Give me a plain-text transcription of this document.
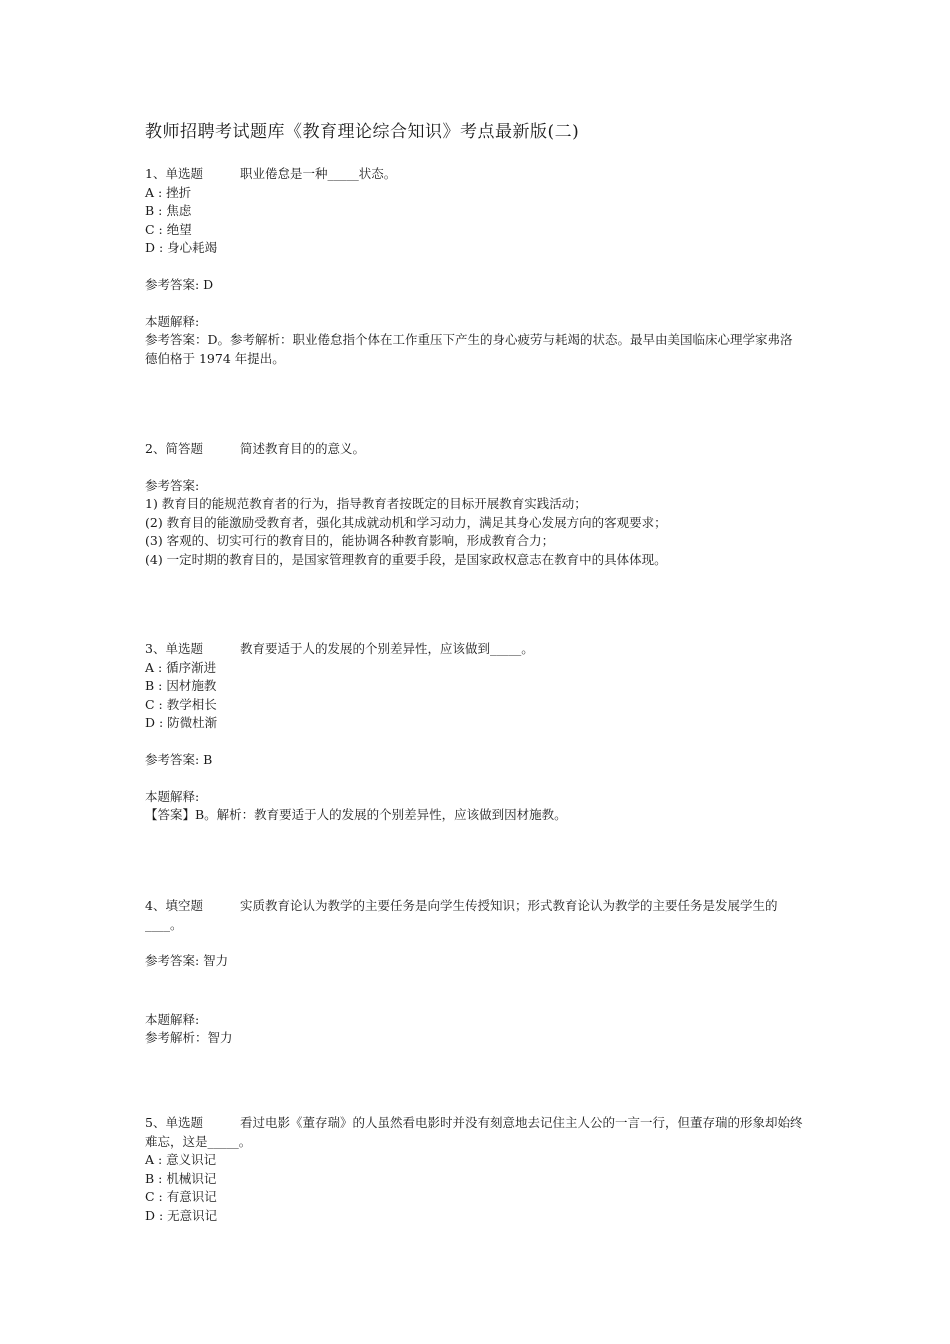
教师招聘考试题库《教育理论综合知识》考点最新版(二)

1、单选题	职业倦怠是一种_____状态。

A : 挫折

B : 焦虑

C : 绝望

D : 身心耗竭

参考答案: D

本题解释:

参考答案：D。参考解析：职业倦怠指个体在工作重压下产生的身心疲劳与耗竭的状态。最早由美国临床心理学家弗洛德伯格于 1974 年提出。

2、简答题	简述教育目的的意义。

参考答案:

1) 教育目的能规范教育者的行为，指导教育者按既定的目标开展教育实践活动；

(2) 教育目的能激励受教育者，强化其成就动机和学习动力，满足其身心发展方向的客观要求；

(3) 客观的、切实可行的教育目的，能协调各种教育影响，形成教育合力；

(4) 一定时期的教育目的，是国家管理教育的重要手段，是国家政权意志在教育中的具体体现。

3、单选题	教育要适于人的发展的个别差异性，应该做到_____。

A : 循序渐进

B : 因材施教

C : 教学相长

D : 防微杜渐

参考答案: B

本题解释:

【答案】B。解析：教育要适于人的发展的个别差异性，应该做到因材施教。

4、填空题	实质教育论认为教学的主要任务是向学生传授知识；形式教育论认为教学的主要任务是发展学生的____。

参考答案: 智力

本题解释:

参考解析：智力

5、单选题	看过电影《董存瑞》的人虽然看电影时并没有刻意地去记住主人公的一言一行，但董存瑞的形象却始终难忘，这是_____。

A : 意义识记

B : 机械识记

C : 有意识记

D : 无意识记
